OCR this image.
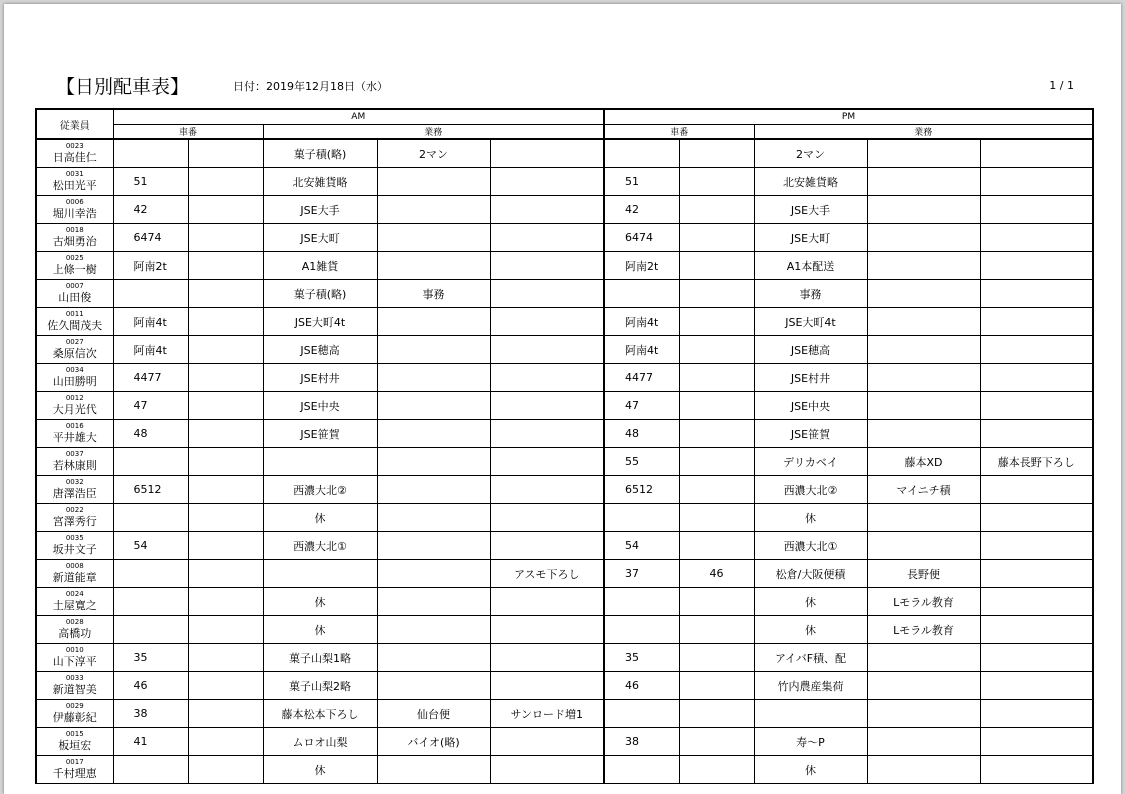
【日別配車表】	日付：2019年12月18日（水）	1 / 1
従業員	AM					PM				
	車番		業務			車番		業務		

0023
日高佳仁			菓子積(略)	2マン				2マン		

0031
松田光平	51		北安雑貨略			51		北安雑貨略		

0006
堀川幸浩	42		JSE大手			42		JSE大手		

0018
古畑勇治	6474		JSE大町			6474		JSE大町		

0025
上條一樹	阿南2t		A1雑貨			阿南2t		A1本配送		

0007
山田俊			菓子積(略)	事務				事務		

0011
佐久間茂夫	阿南4t		JSE大町4t			阿南4t		JSE大町4t		

0027
桑原信次	阿南4t		JSE穂高			阿南4t		JSE穂高		

0034
山田勝明	4477		JSE村井			4477		JSE村井		

0012
大月光代	47		JSE中央			47		JSE中央		

0016
平井雄大	48		JSE笹賀			48		JSE笹賀		

0037
若林康則						55		デリカベイ	藤本XD	藤本長野下ろし

0032
唐澤浩臣	6512		西濃大北②			6512		西濃大北②	マイニチ積	

0022
宮澤秀行			休					休		

0035
坂井文子	54		西濃大北①			54		西濃大北①		

0008
新道能章					アスモ下ろし	37	46	松倉/大阪便積	長野便	

0024
土屋寛之			休					休	Lモラル教育	

0028
高橋功			休					休	Lモラル教育	

0010
山下淳平	35		菓子山梨1略			35		アイバF積、配		

0033
新道智美	46		菓子山梨2略			46		竹内農産集荷		

0029
伊藤彰紀	38		藤本松本下ろし	仙台便	サンロード増1					

0015
板垣宏	41		ムロオ山梨	バイオ(略)		38		寿～P		

0017
千村理恵			休					休		
